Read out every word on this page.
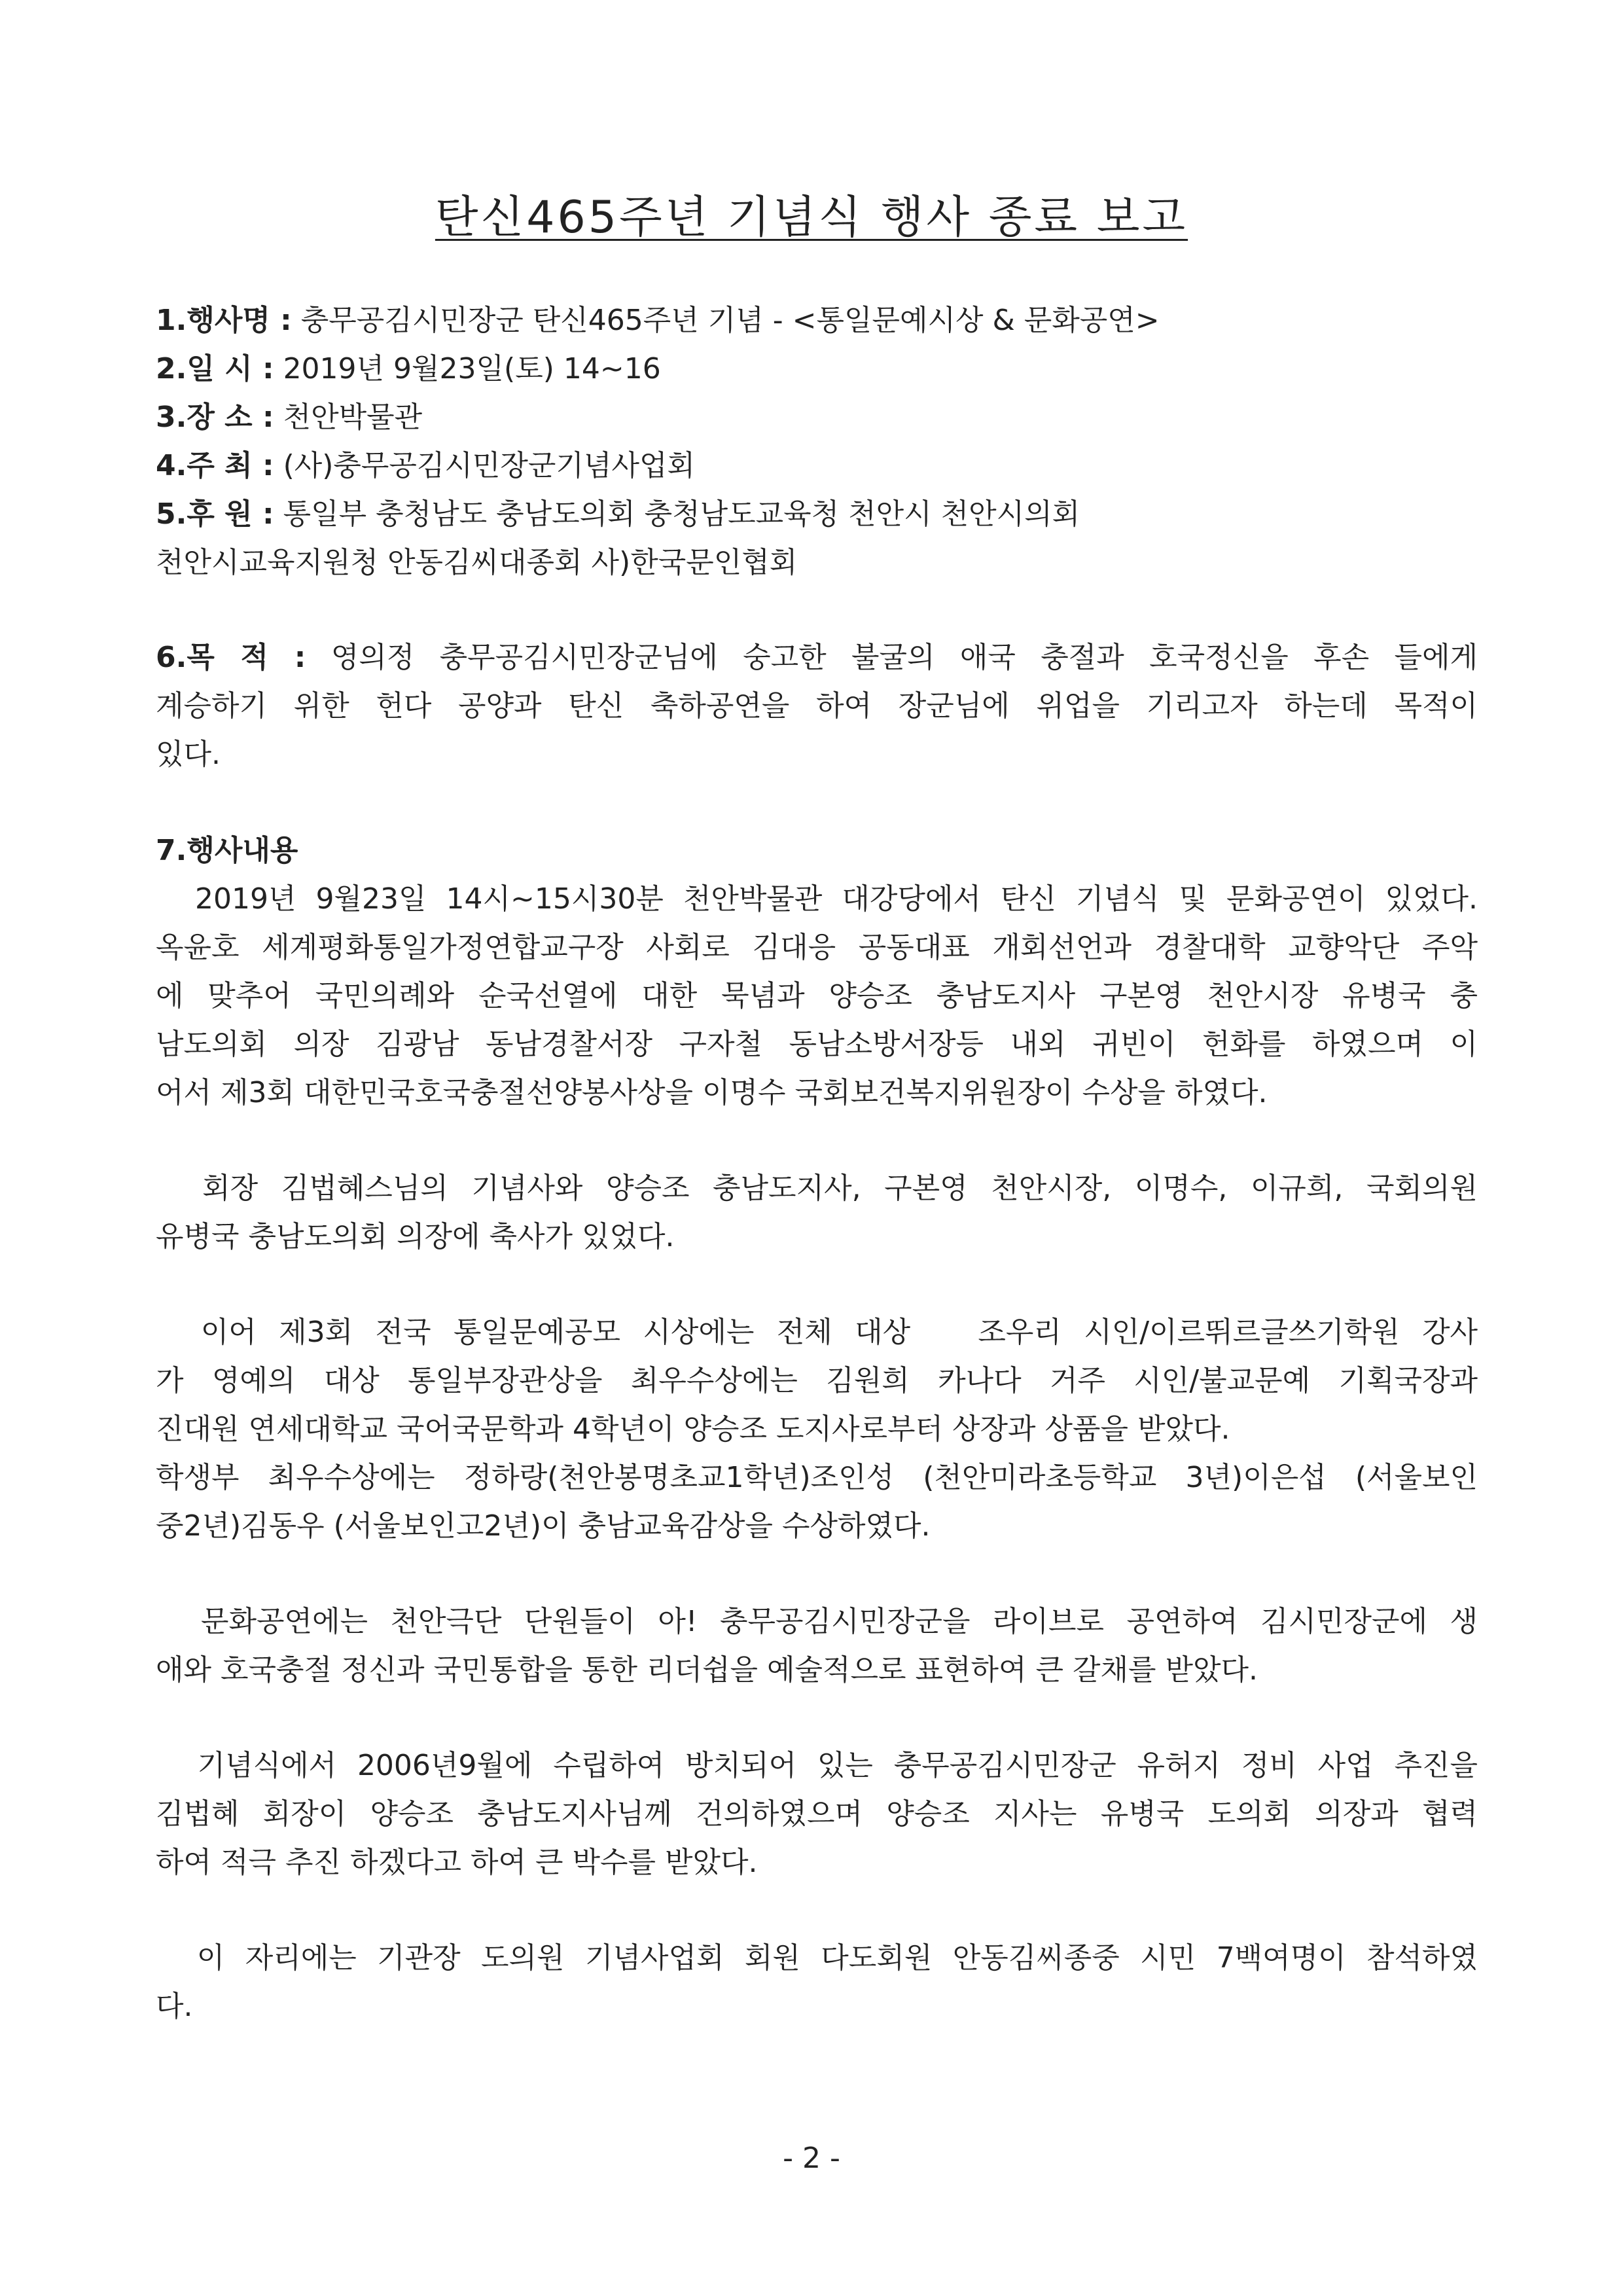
탄신465주년 기념식 행사 종료 보고
1.행사명 : 충무공김시민장군 탄신465주년 기념 - <통일문예시상 & 문화공연>
2.일 시 : 2019년 9월23일(토) 14~16
3.장 소 : 천안박물관
4.주 최 : (사)충무공김시민장군기념사업회
5.후 원 : 통일부 충청남도 충남도의회 충청남도교육청 천안시 천안시의회
천안시교육지원청 안동김씨대종회 사)한국문인협회
6.목 적 : 영의정 충무공김시민장군님에 숭고한 불굴의 애국 충절과 호국정신을 후손 들에게
계승하기 위한 헌다 공양과 탄신 축하공연을 하여 장군님에 위업을 기리고자 하는데 목적이
있다.
7.행사내용
2019년 9월23일 14시~15시30분 천안박물관 대강당에서 탄신 기념식 및 문화공연이 있었다.
옥윤호 세계평화통일가정연합교구장 사회로 김대응 공동대표 개회선언과 경찰대학 교향악단 주악
에 맞추어 국민의례와 순국선열에 대한 묵념과 양승조 충남도지사 구본영 천안시장 유병국 충
남도의회 의장 김광남 동남경찰서장 구자철 동남소방서장등 내외 귀빈이 헌화를 하였으며 이
어서 제3회 대한민국호국충절선양봉사상을 이명수 국회보건복지위원장이 수상을 하였다.
회장 김법혜스님의 기념사와 양승조 충남도지사, 구본영 천안시장, 이명수, 이규희, 국회의원
유병국 충남도의회 의장에 축사가 있었다.
이어 제3회 전국 통일문예공모 시상에는 전체 대상   조우리 시인/이르뛰르글쓰기학원 강사
가 영예의 대상 통일부장관상을 최우수상에는 김원희 카나다 거주 시인/불교문예 기획국장과
진대원 연세대학교 국어국문학과 4학년이 양승조 도지사로부터 상장과 상품을 받았다.
학생부 최우수상에는 정하랑(천안봉명초교1학년)조인성 (천안미라초등학교 3년)이은섭 (서울보인
중2년)김동우 (서울보인고2년)이 충남교육감상을 수상하였다.
문화공연에는 천안극단 단원들이 아! 충무공김시민장군을 라이브로 공연하여 김시민장군에 생
애와 호국충절 정신과 국민통합을 통한 리더쉽을 예술적으로 표현하여 큰 갈채를 받았다.
기념식에서 2006년9월에 수립하여 방치되어 있는 충무공김시민장군 유허지 정비 사업 추진을
김법혜 회장이 양승조 충남도지사님께 건의하였으며 양승조 지사는 유병국 도의회 의장과 협력
하여 적극 추진 하겠다고 하여 큰 박수를 받았다.
이 자리에는 기관장 도의원 기념사업회 회원 다도회원 안동김씨종중 시민 7백여명이 참석하였
다.
- 2 -
